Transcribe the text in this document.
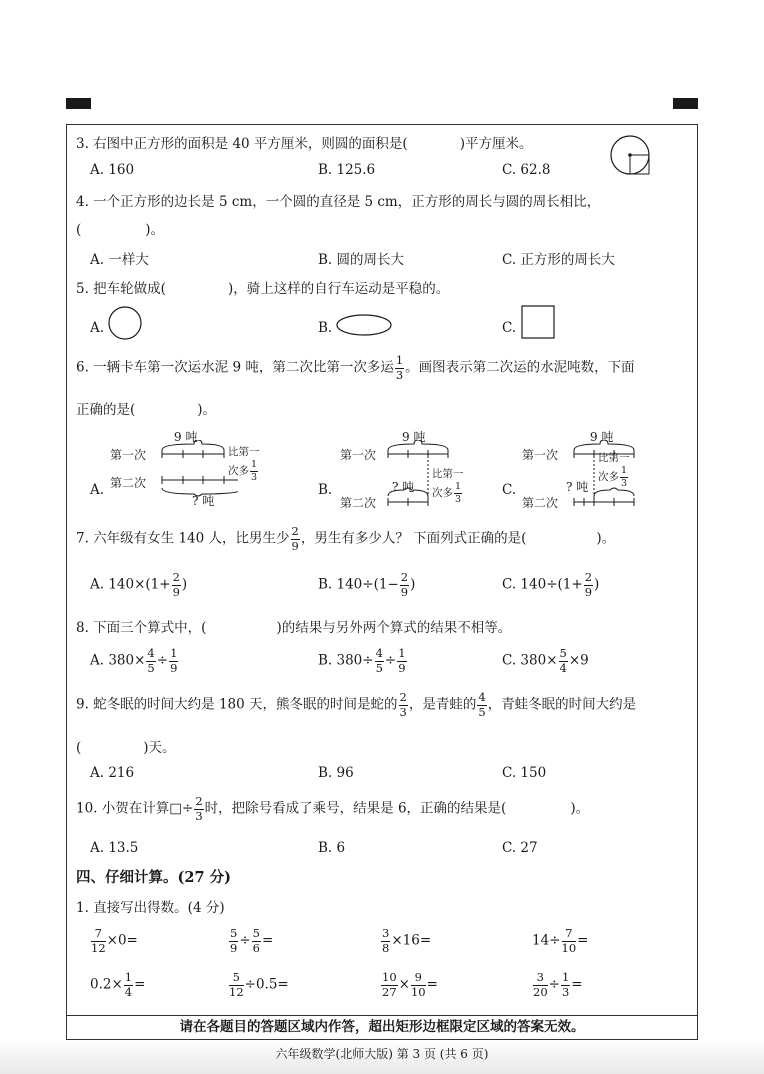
3. 右图中正方形的面积是 40 平方厘米，则圆的面积是(	)平方厘米。
A. 160	B. 125.6	C. 62.8
4. 一个正方形的边长是 5 cm，一个圆的直径是 5 cm，正方形的周长与圆的周长相比，
(	)。
A. 一样大	B. 圆的周长大	C. 正方形的周长大
5. 把车轮做成(	)，骑上这样的自行车运动是平稳的。
A.	B.	C.
6. 一辆卡车第一次运水泥 9 吨，第二次比第一次多运 $\frac{1}{3}$ 。画图表示第二次运的水泥吨数，下面
正确的是(	)。
A.
9 吨
第一次
第二次
? 吨
比第一
次多 $\frac{1}{3}$
B.
9 吨
第一次
第二次
? 吨
比第一
次多 $\frac{1}{3}$	C.
9 吨
第一次
第二次
? 吨
比第一
次多 $\frac{1}{3}$
7. 六年级有女生 140 人，比男生少 $\frac{2}{9}$ ，男生有多少人？ 下面列式正确的是(	)。
A. $140\times(1+ \frac{2}{9}$ )	B. $140\div(1- \frac{2}{9}$ )	C. $140\div(1+ \frac{2}{9}$ )
8. 下面三个算式中，(	)的结果与另外两个算式的结果不相等。
A. $380\times \frac{4}{5} \div \frac{1}{9}$	B. $380\div \frac{4}{5} \div \frac{1}{9}$	C. $380\times \frac{5}{4} \times 9$
9. 蛇冬眠的时间大约是 180 天，熊冬眠的时间是蛇的 $\frac{2}{3}$ ，是青蛙的 $\frac{4}{5}$ ，青蛙冬眠的时间大约是
(	)天。
A. 216	B. 96	C. 150
10. 小贺在计算□÷ $\frac{2}{3}$ 时，把除号看成了乘号，结果是 6，正确的结果是(	)。
A. 13.5	B. 6	C. 27
四、仔细计算。(27 分)
1. 直接写出得数。(4 分)
$\frac{7}{12} \times 0=$	$\frac{5}{9} \div \frac{5}{6}$ =	$\frac{3}{8} \times 16=$	$14\div \frac{7}{10}$ =
$0.2\times \frac{1}{4}$ =	$\frac{5}{12} \div 0.5=$	$\frac{10}{27} \times \frac{9}{10}$ =	$\frac{3}{20} \div \frac{1}{3}$ =
请在各题目的答题区域内作答，超出矩形边框限定区域的答案无效。
六年级数学(北师大版) 第 3 页 (共 6 页)
